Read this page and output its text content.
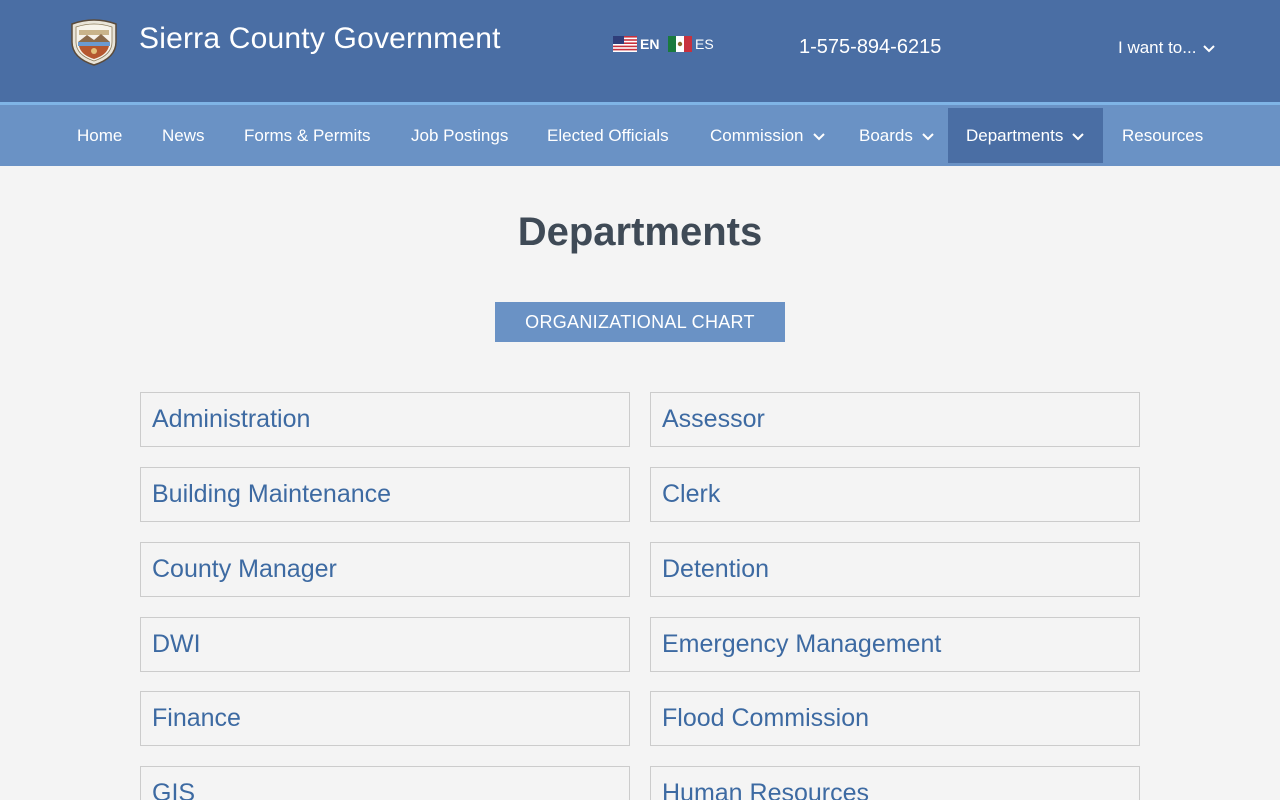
Sierra County Government	EN	ES	1-575-894-6215	I want to...
Home News Forms & Permits Job Postings Elected Officials Commission	Boards	Departments	Resources
Departments
ORGANIZATIONAL CHART
Administration	Assessor
Building Maintenance	Clerk
County Manager	Detention
DWI	Emergency Management
Finance	Flood Commission
GIS	Human Resources
